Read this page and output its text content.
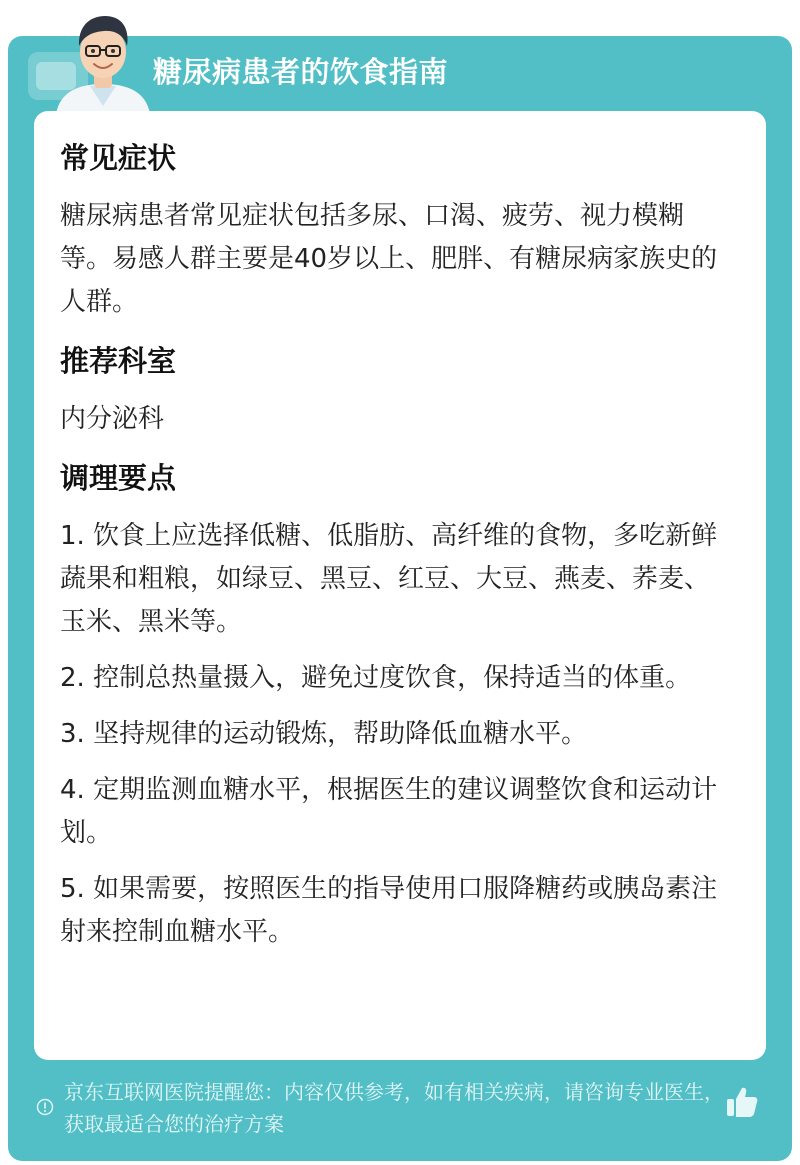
糖尿病患者的饮食指南
常见症状

糖尿病患者常见症状包括多尿、口渴、疲劳、视力模糊等。易感人群主要是40岁以上、肥胖、有糖尿病家族史的人群。

推荐科室

内分泌科

调理要点

1. 饮食上应选择低糖、低脂肪、高纤维的食物，多吃新鲜蔬果和粗粮，如绿豆、黑豆、红豆、大豆、燕麦、荞麦、玉米、黑米等。

2. 控制总热量摄入，避免过度饮食，保持适当的体重。

3. 坚持规律的运动锻炼，帮助降低血糖水平。

4. 定期监测血糖水平，根据医生的建议调整饮食和运动计划。

5. 如果需要，按照医生的指导使用口服降糖药或胰岛素注射来控制血糖水平。

京东互联网医院提醒您：内容仅供参考，如有相关疾病，请咨询专业医生，获取最适合您的治疗方案
